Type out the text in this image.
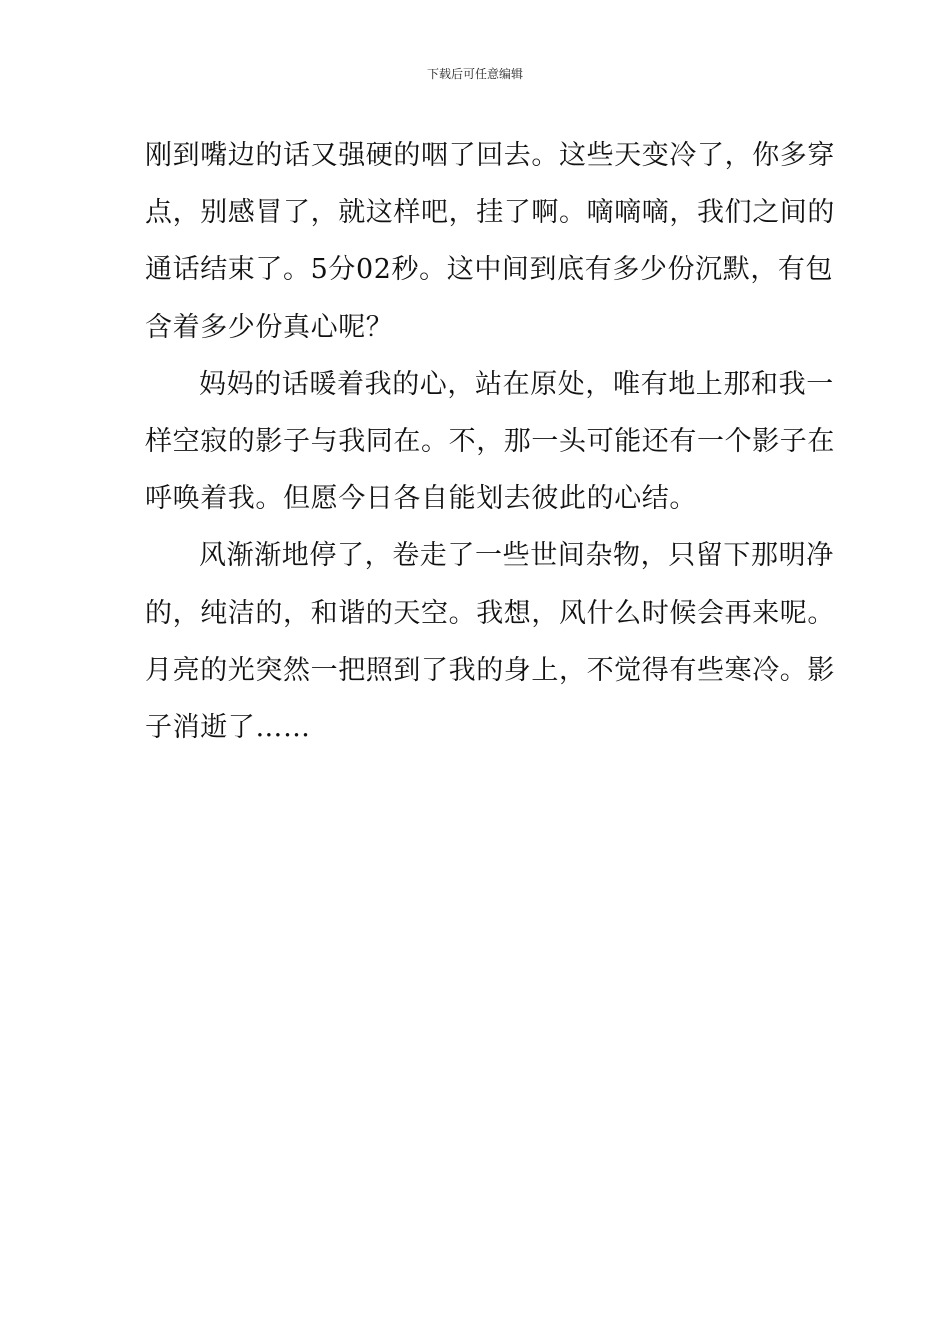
下载后可任意编辑
刚到嘴边的话又强硬的咽了回去。这些天变冷了，你多穿
点，别感冒了，就这样吧，挂了啊。嘀嘀嘀，我们之间的
通话结束了。5分02秒。这中间到底有多少份沉默，有包
含着多少份真心呢？
妈妈的话暖着我的心，站在原处，唯有地上那和我一
样空寂的影子与我同在。不，那一头可能还有一个影子在
呼唤着我。但愿今日各自能划去彼此的心结。
风渐渐地停了，卷走了一些世间杂物，只留下那明净
的，纯洁的，和谐的天空。我想，风什么时候会再来呢。
月亮的光突然一把照到了我的身上，不觉得有些寒冷。影
子消逝了……
